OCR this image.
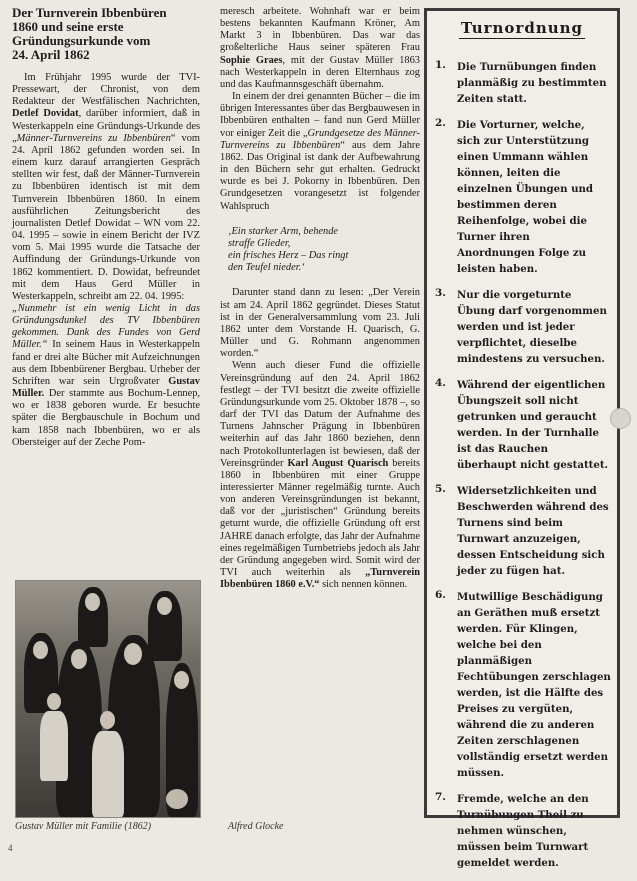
Der Turnverein Ibbenbüren
1860 und seine erste
Gründungsurkunde vom
24. April 1862

Im Frühjahr 1995 wurde der TVI-Pressewart, der Chronist, von dem Redakteur der Westfälischen Nachrichten, Detlef Dovidat, darüber informiert, daß in Westerkappeln eine Gründungs-Urkunde des „Männer-Turnvereins zu Ibbenbüren“ vom 24. April 1862 gefunden worden sei. In einem kurz darauf arrangierten Gespräch stellten wir fest, daß der Männer-Turnverein zu Ibbenbüren identisch ist mit dem Turnverein Ibbenbüren 1860. In einem ausführlichen Zeitungsbericht des journalisten Detlef Dowidat – WN vom 22. 04. 1995 – sowie in einem Bericht der IVZ vom 5. Mai 1995 wurde die Tatsache der Auffindung der Gründungs-Urkunde von 1862 kommentiert. D. Dowidat, befreundet mit dem Haus Gerd Müller in Westerkappeln, schreibt am 22. 04. 1995:

„Nunmehr ist ein wenig Licht in das Gründungsdunkel des TV Ibbenbüren gekommen. Dank des Fundes von Gerd Müller.“ In seinem Haus in Westerkappeln fand er drei alte Bücher mit Aufzeichnungen aus dem Ibbenbürener Bergbau. Urheber der Schriften war sein Urgroßvater Gustav Müller. Der stammte aus Bochum-Lennep, wo er 1838 geboren wurde. Er besuchte später die Bergbauschule in Bochum und kam 1858 nach Ibbenbüren, wo er als Obersteiger auf der Zeche Pom-

Gustav Müller mit Familie (1862)
4

meresch arbeitete. Wohnhaft war er beim bestens bekannten Kaufmann Kröner, Am Markt 3 in Ibbenbüren. Das war das großelterliche Haus seiner späteren Frau Sophie Graes, mit der Gustav Müller 1863 nach Westerkappeln in deren Elternhaus zog und das Kaufmannsgeschäft übernahm.

In einem der drei genannten Bücher – die im übrigen Interessantes über das Bergbauwesen in Ibbenbüren enthalten – fand nun Gerd Müller vor einiger Zeit die „Grundgesetze des Männer-Turnvereins zu Ibbenbüren“ aus dem Jahre 1862. Das Original ist dank der Aufbewahrung in den Büchern sehr gut erhalten. Gedruckt wurde es bei J. Pokorny in Ibbenbüren. Den Grundgesetzen vorangesetzt ist folgender Wahlspruch

‚Ein starker Arm, behende
straffe Glieder,
ein frisches Herz – Das ringt
den Teufel nieder.‘

Darunter stand dann zu lesen: „Der Verein ist am 24. April 1862 gegründet. Dieses Statut ist in der Generalversammlung vom 23. Juli 1862 unter dem Vorstande H. Quarisch, G. Müller und G. Rohmann angenommen worden.“

Wenn auch dieser Fund die offizielle Vereinsgründung auf den 24. April 1862 festlegt – der TVI besitzt die zweite offizielle Gründungsurkunde vom 25. Oktober 1878 –, so darf der TVI das Datum der Aufnahme des Turnens Jahnscher Prägung in Ibbenbüren weiterhin auf das Jahr 1860 beziehen, denn nach Protokollunterlagen ist bewiesen, daß der Vereinsgründer Karl August Quarisch bereits 1860 in Ibbenbüren mit einer Gruppe interessierter Männer regelmäßig turnte. Auch von anderen Vereinsgründungen ist bekannt, daß vor der „juristischen“ Gründung bereits geturnt wurde, die offizielle Gründung oft erst JAHRE danach erfolgte, das Jahr der Aufnahme eines regelmäßigen Turnbetriebs jedoch als Jahr der Gründung angegeben wird. Somit wird der TVI auch weiterhin als „Turnverein Ibbenbüren 1860 e.V.“ sich nennen können.

Alfred Glocke
Turnordnung
1.	Die Turnübungen finden planmäßig zu bestimmten Zeiten statt.
2.	Die Vorturner, welche, sich zur Unterstützung einen Ummann wählen können, leiten die einzelnen Übungen und bestimmen deren Reihenfolge, wobei die Turner ihren Anordnungen Folge zu leisten haben.
3.	Nur die vorgeturnte Übung darf vorgenommen werden und ist jeder verpflichtet, dieselbe mindestens zu versuchen.
4.	Während der eigentlichen Übungszeit soll nicht getrunken und geraucht werden. In der Turnhalle ist das Rauchen überhaupt nicht gestattet.
5.	Widersetzlichkeiten und Beschwerden während des Turnens sind beim Turnwart anzuzeigen, dessen Entscheidung sich jeder zu fügen hat.
6.	Mutwillige Beschädigung an Geräthen muß ersetzt werden. Für Klingen, welche bei den planmäßigen Fechtübungen zerschlagen werden, ist die Hälfte des Preises zu vergüten, während die zu anderen Zeiten zerschlagenen vollständig ersetzt werden müssen.
7.	Fremde, welche an den Turnübungen Theil zu nehmen wünschen, müssen beim Turnwart gemeldet werden.
